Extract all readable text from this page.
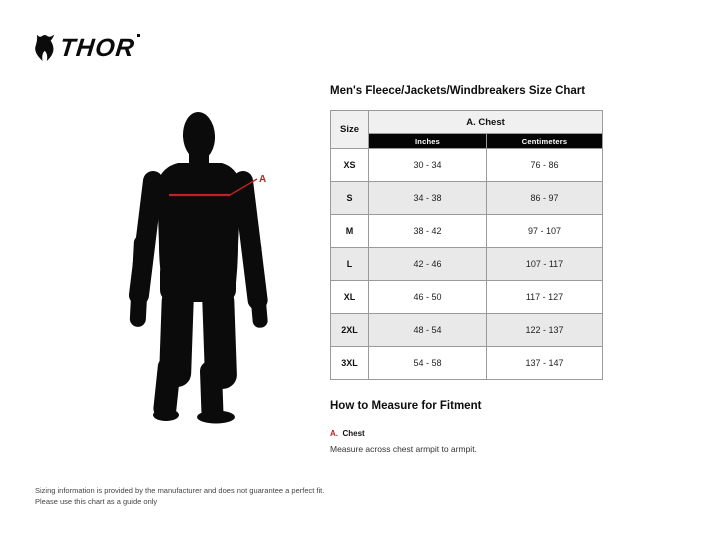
THOR
A
Men's Fleece/Jackets/Windbreakers Size Chart
Size	A. Chest	
	Inches	Centimeters
XS	30 - 34	76 - 86
S	34 - 38	86 - 97
M	38 - 42	97 - 107
L	42 - 46	107 - 117
XL	46 - 50	117 - 127
2XL	48 - 54	122 - 137
3XL	54 - 58	137 - 147
How to Measure for Fitment
A. Chest
Measure across chest armpit to armpit.
Sizing information is provided by the manufacturer and does not guarantee a perfect fit.
Please use this chart as a guide only
